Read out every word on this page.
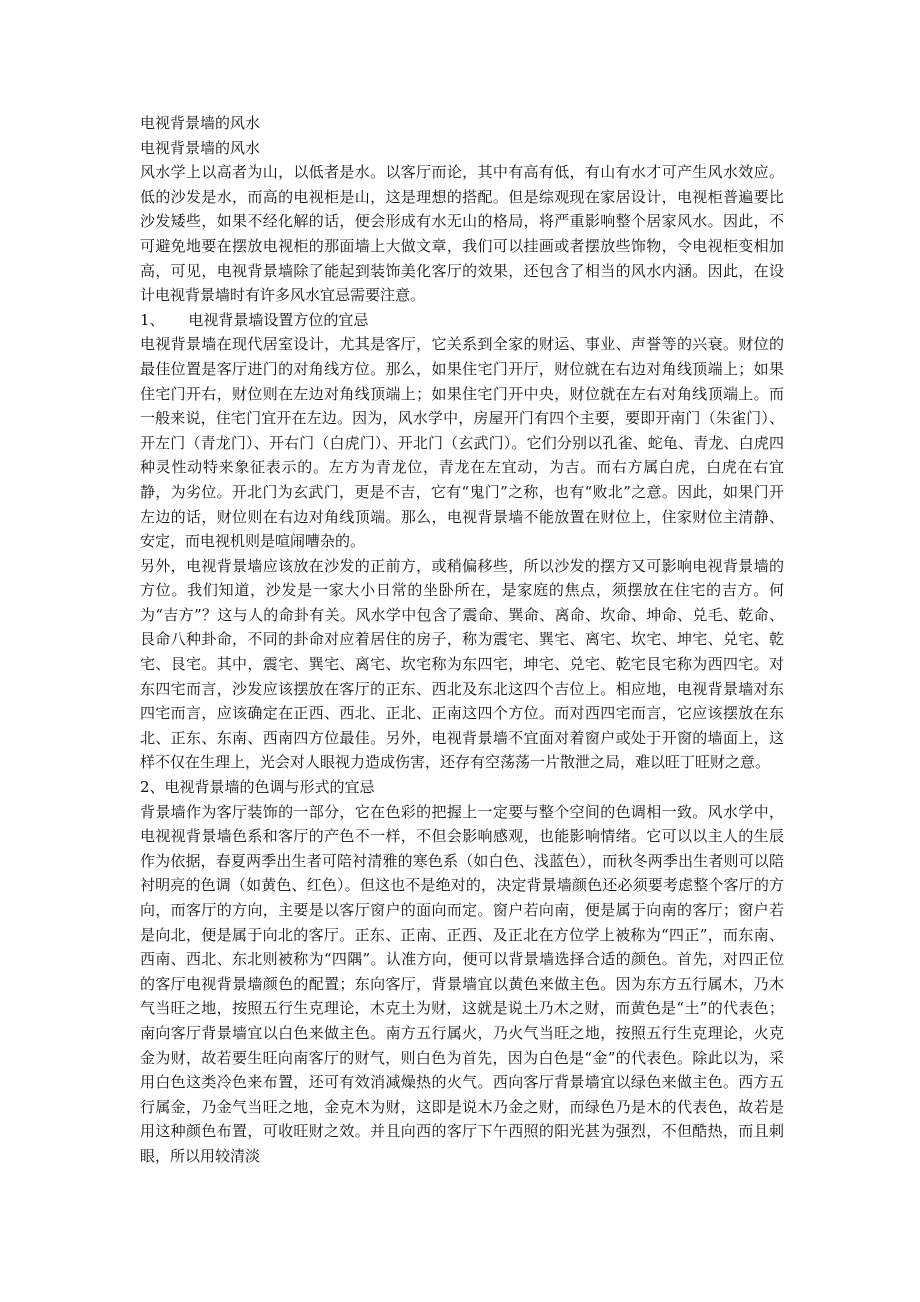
电视背景墙的风水

电视背景墙的风水

风水学上以高者为山，以低者是水。以客厅而论，其中有高有低，有山有水才可产生风水效应。低的沙发是水，而高的电视柜是山，这是理想的搭配。但是综观现在家居设计，电视柜普遍要比沙发矮些，如果不经化解的话，便会形成有水无山的格局，将严重影响整个居家风水。因此，不可避免地要在摆放电视柜的那面墙上大做文章，我们可以挂画或者摆放些饰物，令电视柜变相加高，可见，电视背景墙除了能起到装饰美化客厅的效果，还包含了相当的风水内涵。因此，在设计电视背景墙时有许多风水宜忌需要注意。

1、     电视背景墙设置方位的宜忌

电视背景墙在现代居室设计，尤其是客厅，它关系到全家的财运、事业、声誉等的兴衰。财位的最佳位置是客厅进门的对角线方位。那么，如果住宅门开厅，财位就在右边对角线顶端上；如果住宅门开右，财位则在左边对角线顶端上；如果住宅门开中央，财位就在左右对角线顶端上。而一般来说，住宅门宜开在左边。因为，风水学中，房屋开门有四个主要，要即开南门（朱雀门）、开左门（青龙门）、开右门（白虎门）、开北门（玄武门）。它们分别以孔雀、蛇龟、青龙、白虎四种灵性动特来象征表示的。左方为青龙位，青龙在左宜动，为吉。而右方属白虎，白虎在右宜静，为劣位。开北门为玄武门，更是不吉，它有“鬼门”之称，也有“败北”之意。因此，如果门开左边的话，财位则在右边对角线顶端。那么，电视背景墙不能放置在财位上，住家财位主清静、安定，而电视机则是喧闹嘈杂的。

另外，电视背景墙应该放在沙发的正前方，或稍偏移些，所以沙发的摆方又可影响电视背景墙的方位。我们知道，沙发是一家大小日常的坐卧所在，是家庭的焦点，须摆放在住宅的吉方。何为“吉方”？这与人的命卦有关。风水学中包含了震命、巽命、离命、坎命、坤命、兑毛、乾命、艮命八种卦命，不同的卦命对应着居住的房子，称为震宅、巽宅、离宅、坎宅、坤宅、兑宅、乾宅、艮宅。其中，震宅、巽宅、离宅、坎宅称为东四宅，坤宅、兑宅、乾宅艮宅称为西四宅。对东四宅而言，沙发应该摆放在客厅的正东、西北及东北这四个吉位上。相应地，电视背景墙对东四宅而言，应该确定在正西、西北、正北、正南这四个方位。而对西四宅而言，它应该摆放在东北、正东、东南、西南四方位最佳。另外，电视背景墙不宜面对着窗户或处于开窗的墙面上，这样不仅在生理上，光会对人眼视力造成伤害，还存有空荡荡一片散泄之局，难以旺丁旺财之意。

2、电视背景墙的色调与形式的宜忌

背景墙作为客厅装饰的一部分，它在色彩的把握上一定要与整个空间的色调相一致。风水学中，电视视背景墙色系和客厅的产色不一样，不但会影响感观，也能影响情绪。它可以以主人的生辰作为依据，春夏两季出生者可陪衬清雅的寒色系（如白色、浅蓝色），而秋冬两季出生者则可以陪衬明亮的色调（如黄色、红色）。但这也不是绝对的，决定背景墙颜色还必须要考虑整个客厅的方向，而客厅的方向，主要是以客厅窗户的面向而定。窗户若向南，便是属于向南的客厅；窗户若是向北，便是属于向北的客厅。正东、正南、正西、及正北在方位学上被称为“四正”，而东南、西南、西北、东北则被称为“四隅”。认准方向，便可以背景墙选择合适的颜色。首先，对四正位的客厅电视背景墙颜色的配置；东向客厅，背景墙宜以黄色来做主色。因为东方五行属木，乃木气当旺之地，按照五行生克理论，木克土为财，这就是说土乃木之财，而黄色是“土”的代表色；南向客厅背景墙宜以白色来做主色。南方五行属火，乃火气当旺之地，按照五行生克理论，火克金为财，故若要生旺向南客厅的财气，则白色为首先，因为白色是“金”的代表色。除此以为，采用白色这类冷色来布置，还可有效消减燥热的火气。西向客厅背景墙宜以绿色来做主色。西方五行属金，乃金气当旺之地，金克木为财，这即是说木乃金之财，而绿色乃是木的代表色，故若是用这种颜色布置，可收旺财之效。并且向西的客厅下午西照的阳光甚为强烈，不但酷热，而且刺眼，所以用较清淡
